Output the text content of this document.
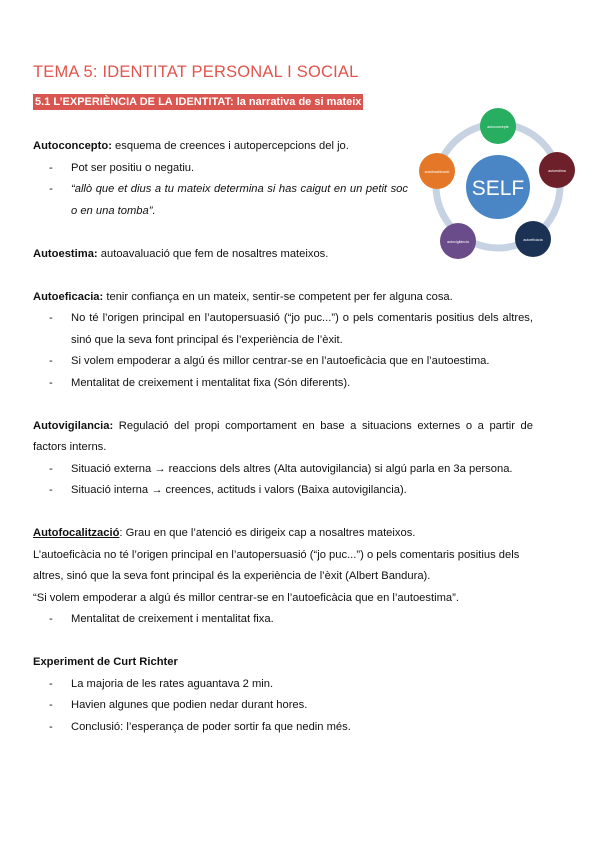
TEMA 5: IDENTITAT PERSONAL I SOCIAL
5.1 L’EXPERIÈNCIA DE LA IDENTITAT: la narrativa de si mateix
SELF
autoconcepte
autoestima
autoeficàcia
autovigilància
autofocalització
Autoconcepto: esquema de creences i autopercepcions del jo.
- Pot ser positiu o negatiu.
- “allò que et dius a tu mateix determina si has caigut en un petit soc o en una tomba”.
Autoestima: autoavaluació que fem de nosaltres mateixos.
Autoeficacia: tenir confiança en un mateix, sentir-se competent per fer alguna cosa.
- No té l’origen principal en l’autopersuasió (“jo puc...”) o pels comentaris positius dels altres, sinó que la seva font principal és l’experiència de l’èxit.
- Si volem empoderar a algú és millor centrar-se en l’autoeficàcia que en l’autoestima.
- Mentalitat de creixement i mentalitat fixa (Són diferents).
Autovigilancia: Regulació del propi comportament en base a situacions externes o a partir de factors interns.
- Situació externa → reaccions dels altres (Alta autovigilancia) si algú parla en 3a persona.
- Situació interna → creences, actituds i valors (Baixa autovigilancia).
Autofocalització: Grau en que l’atenció es dirigeix cap a nosaltres mateixos.

L’autoeficàcia no té l’origen principal en l’autopersuasió (“jo puc...”) o pels comentaris positius dels altres, sinó que la seva font principal és la experiència de l’èxit (Albert Bandura).

“Si volem empoderar a algú és millor centrar-se en l’autoeficàcia que en l’autoestima”.

- Mentalitat de creixement i mentalitat fixa.
Experiment de Curt Richter
- La majoria de les rates aguantava 2 min.
- Havien algunes que podien nedar durant hores.
- Conclusió: l’esperança de poder sortir fa que nedin més.
